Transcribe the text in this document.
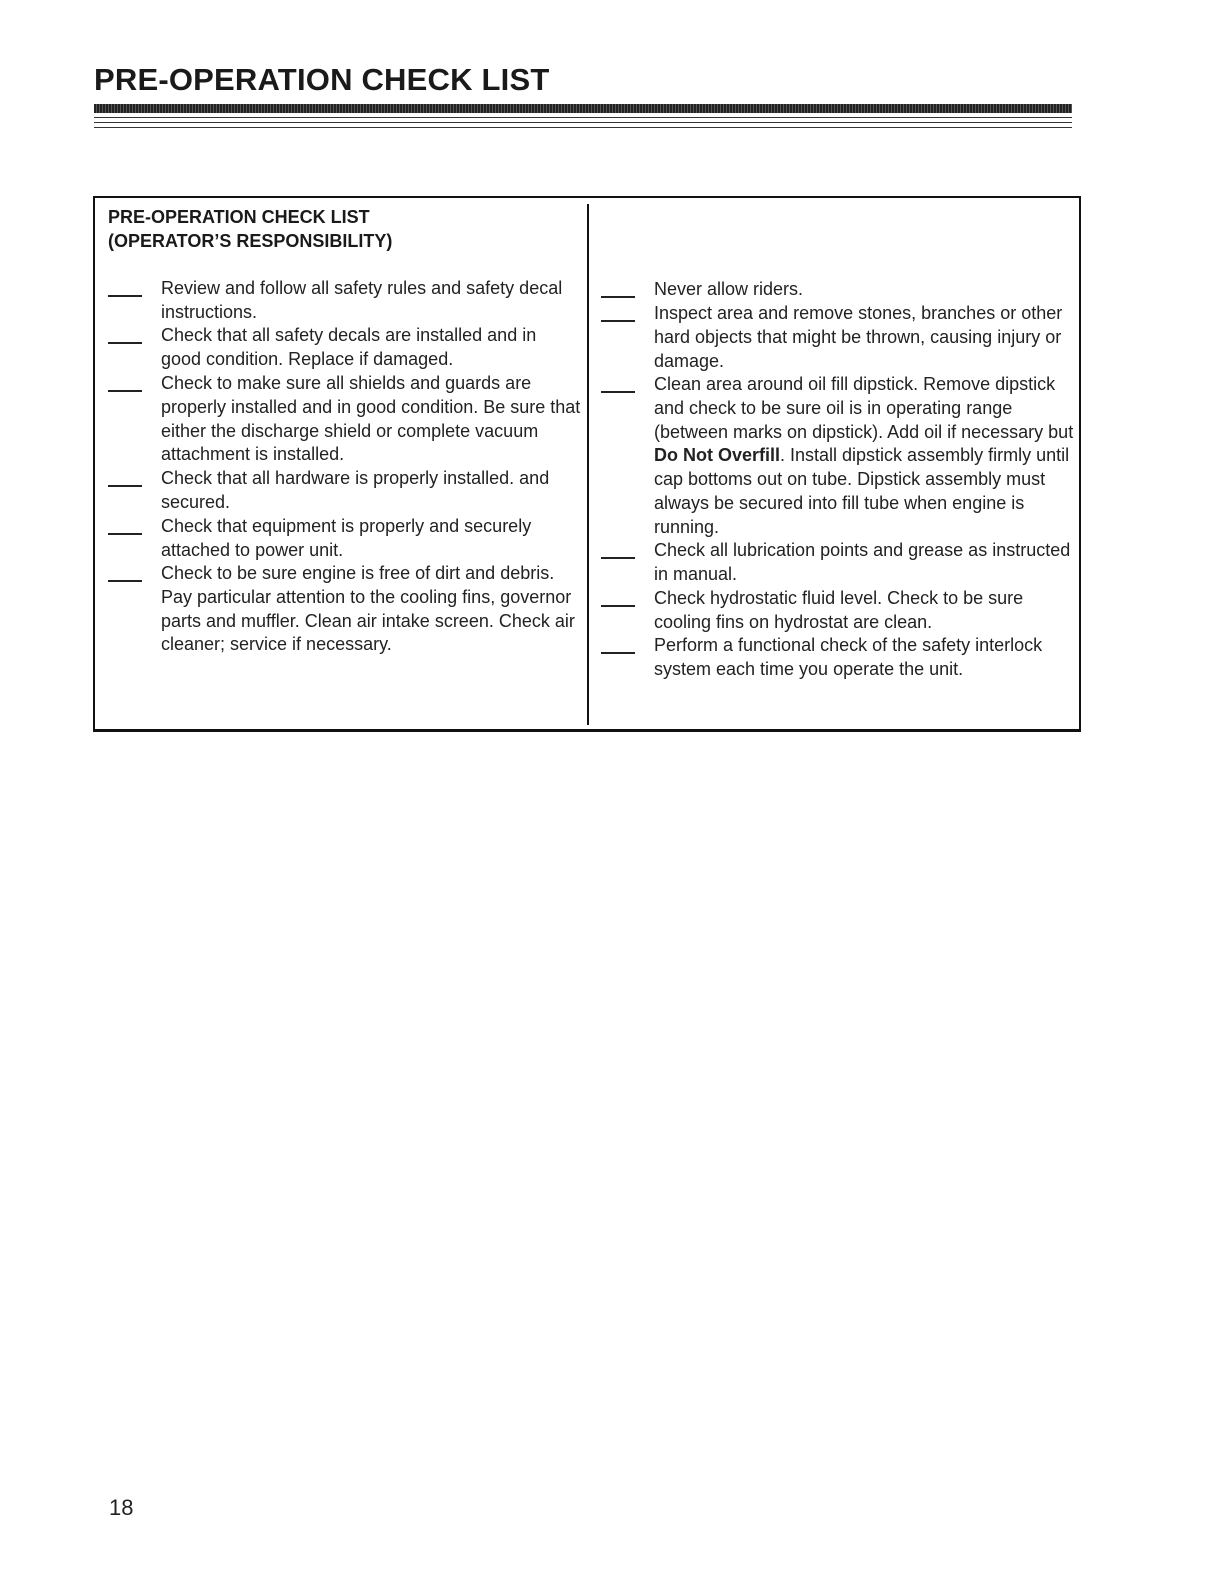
PRE-OPERATION CHECK LIST
PRE-OPERATION CHECK LIST
(OPERATOR’S RESPONSIBILITY)
Review and follow all safety rules and safety decal instructions.
Check that all safety decals are installed and in good condition. Replace if damaged.
Check to make sure all shields and guards are properly installed and in good condition. Be sure that either the discharge shield or complete vacuum attachment is installed.
Check that all hardware is properly installed. and secured.
Check that equipment is properly and securely attached to power unit.
Check to be sure engine is free of dirt and debris. Pay particular attention to the cooling fins, governor parts and muffler. Clean air intake screen. Check air cleaner; service if necessary.
Never allow riders.
Inspect area and remove stones, branches or other hard objects that might be thrown, causing injury or damage.
Clean area around oil fill dipstick. Remove dipstick and check to be sure oil is in operating range (between marks on dipstick). Add oil if necessary but Do Not Overfill. Install dipstick assembly firmly until cap bottoms out on tube. Dipstick assembly must always be secured into fill tube when engine is running.
Check all lubrication points and grease as instructed in manual.
Check hydrostatic fluid level. Check to be sure cooling fins on hydrostat are clean.
Perform a functional check of the safety interlock system each time you operate the unit.
18
